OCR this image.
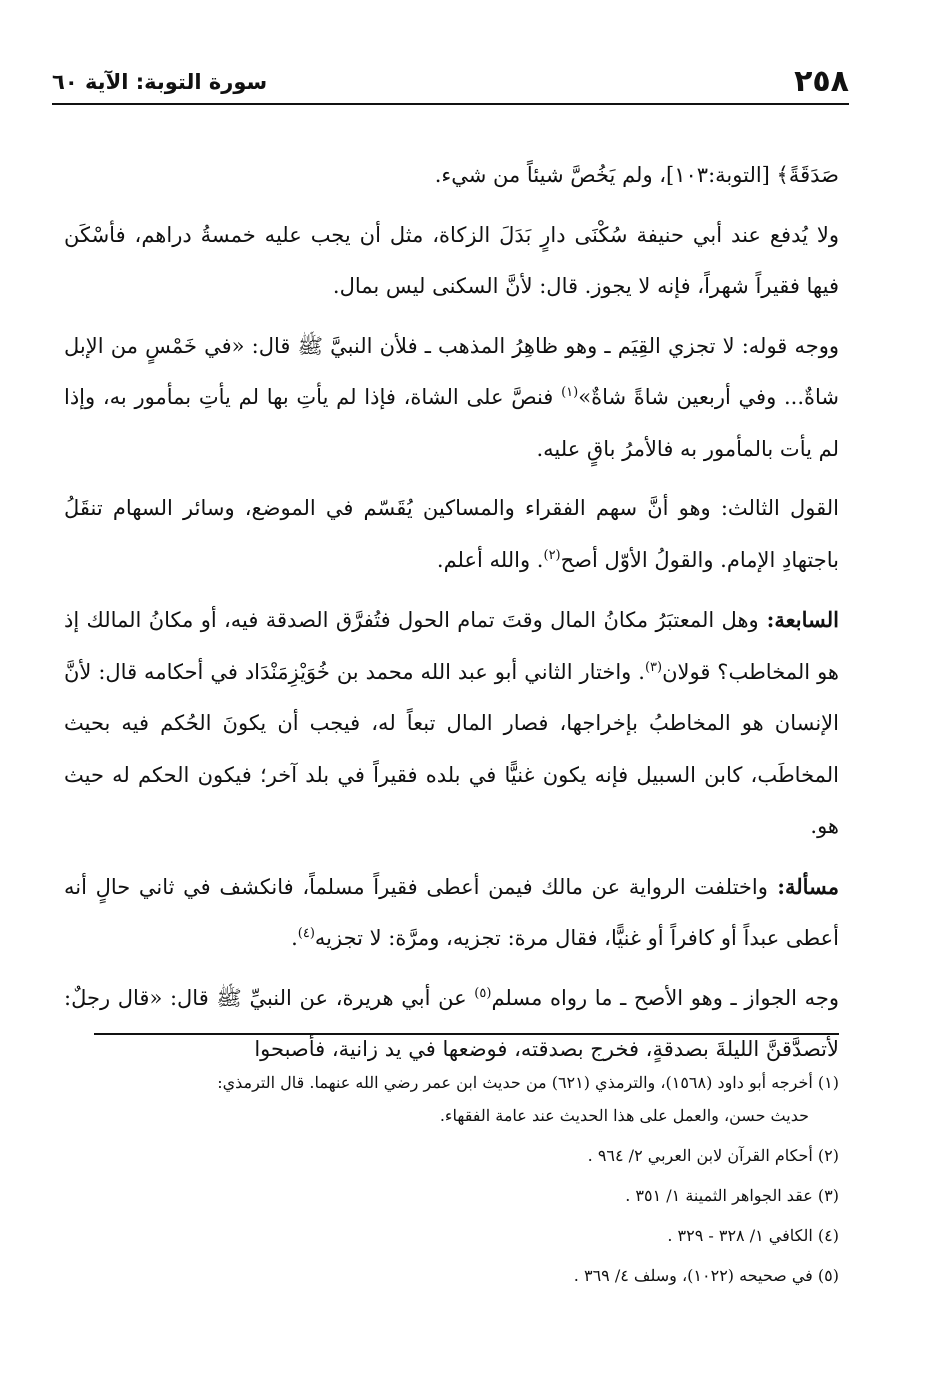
٢٥٨
سورة التوبة: الآية ٦٠

صَدَقَةً﴾ [التوبة:١٠٣]، ولم يَخُصَّ شيئاً من شيء.

ولا يُدفع عند أبي حنيفة سُكْنَى دارٍ بَدَلَ الزكاة، مثل أن يجب عليه خمسةُ دراهم، فأسْكَن فيها فقيراً شهراً، فإنه لا يجوز. قال: لأنَّ السكنى ليس بمال.

ووجه قوله: لا تجزي القِيَم ـ وهو ظاهِرُ المذهب ـ فلأن النبيَّ ﷺ قال: «في خَمْسٍ من الإبل شاةٌ... وفي أربعين شاةً شاةٌ»$^{(١)}$ فنصَّ على الشاة، فإذا لم يأتِ بها لم يأتِ بمأمور به، وإذا لم يأت بالمأمور به فالأمرُ باقٍ عليه.

القول الثالث: وهو أنَّ سهم الفقراء والمساكين يُقَسّم في الموضع، وسائر السهام تنقَلُ باجتهادِ الإمام. والقولُ الأوّل أصح$^{(٢)}$. والله أعلم.

السابعة: وهل المعتبَرُ مكانُ المال وقتَ تمام الحول فتُفرَّق الصدقة فيه، أو مكانُ المالك إذ هو المخاطب؟ قولان$^{(٣)}$. واختار الثاني أبو عبد الله محمد بن خُوَيْزِمَنْدَاد في أحكامه قال: لأنَّ الإنسان هو المخاطبُ بإخراجها، فصار المال تبعاً له، فيجب أن يكونَ الحُكم فيه بحيث المخاطَب، كابن السبيل فإنه يكون غنيًّا في بلده فقيراً في بلد آخر؛ فيكون الحكم له حيث هو.

مسألة: واختلفت الرواية عن مالك فيمن أعطى فقيراً مسلماً، فانكشف في ثاني حالٍ أنه أعطى عبداً أو كافراً أو غنيًّا، فقال مرة: تجزيه، ومرَّة: لا تجزيه$^{(٤)}$.

وجه الجواز ـ وهو الأصح ـ ما رواه مسلم$^{(٥)}$ عن أبي هريرة، عن النبيِّ ﷺ قال: «قال رجلٌ: لأتصدَّقنَّ الليلةَ بصدقةٍ، فخرج بصدقته، فوضعها في يد زانية، فأصبحوا

(١) أخرجه أبو داود (١٥٦٨)، والترمذي (٦٢١) من حديث ابن عمر رضي الله عنهما. قال الترمذي:
حديث حسن، والعمل على هذا الحديث عند عامة الفقهاء.
(٢) أحكام القرآن لابن العربي ٢/ ٩٦٤ .
(٣) عقد الجواهر الثمينة ١/ ٣٥١ .
(٤) الكافي ١/ ٣٢٨ - ٣٢٩ .
(٥) في صحيحه (١٠٢٢)، وسلف ٤/ ٣٦٩ .
